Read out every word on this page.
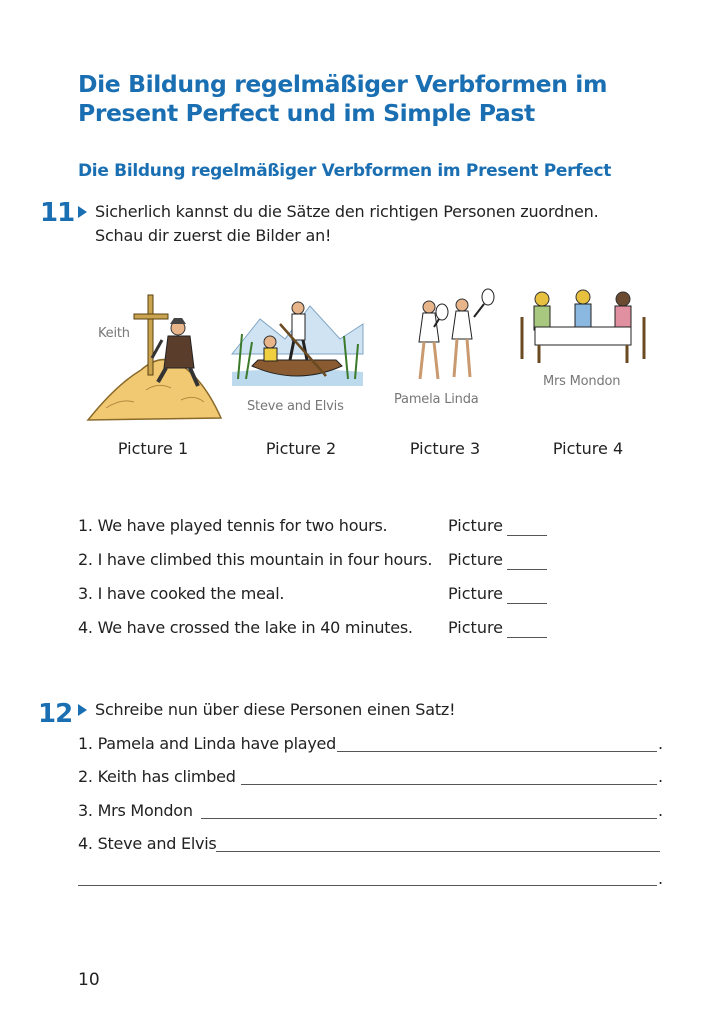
Die Bildung regelmäßiger Verbformen im Present Perfect und im Simple Past
Die Bildung regelmäßiger Verbformen im Present Perfect
11 Sicherlich kannst du die Sätze den richtigen Personen zuordnen.
Schau dir zuerst die Bilder an!
Keith
Steve and Elvis	Pamela Linda
Mrs Mondon
Picture 1	Picture 2	Picture 3	Picture 4
1. We have played tennis for two hours.	Picture
2. I have climbed this mountain in four hours. Picture
3. I have cooked the meal.	Picture
4. We have crossed the lake in 40 minutes. Picture
12 Schreibe nun über diese Personen einen Satz!
1. Pamela and Linda have played	.
2. Keith has climbed	.
3. Mrs Mondon	.
4. Steve and Elvis
.
10
